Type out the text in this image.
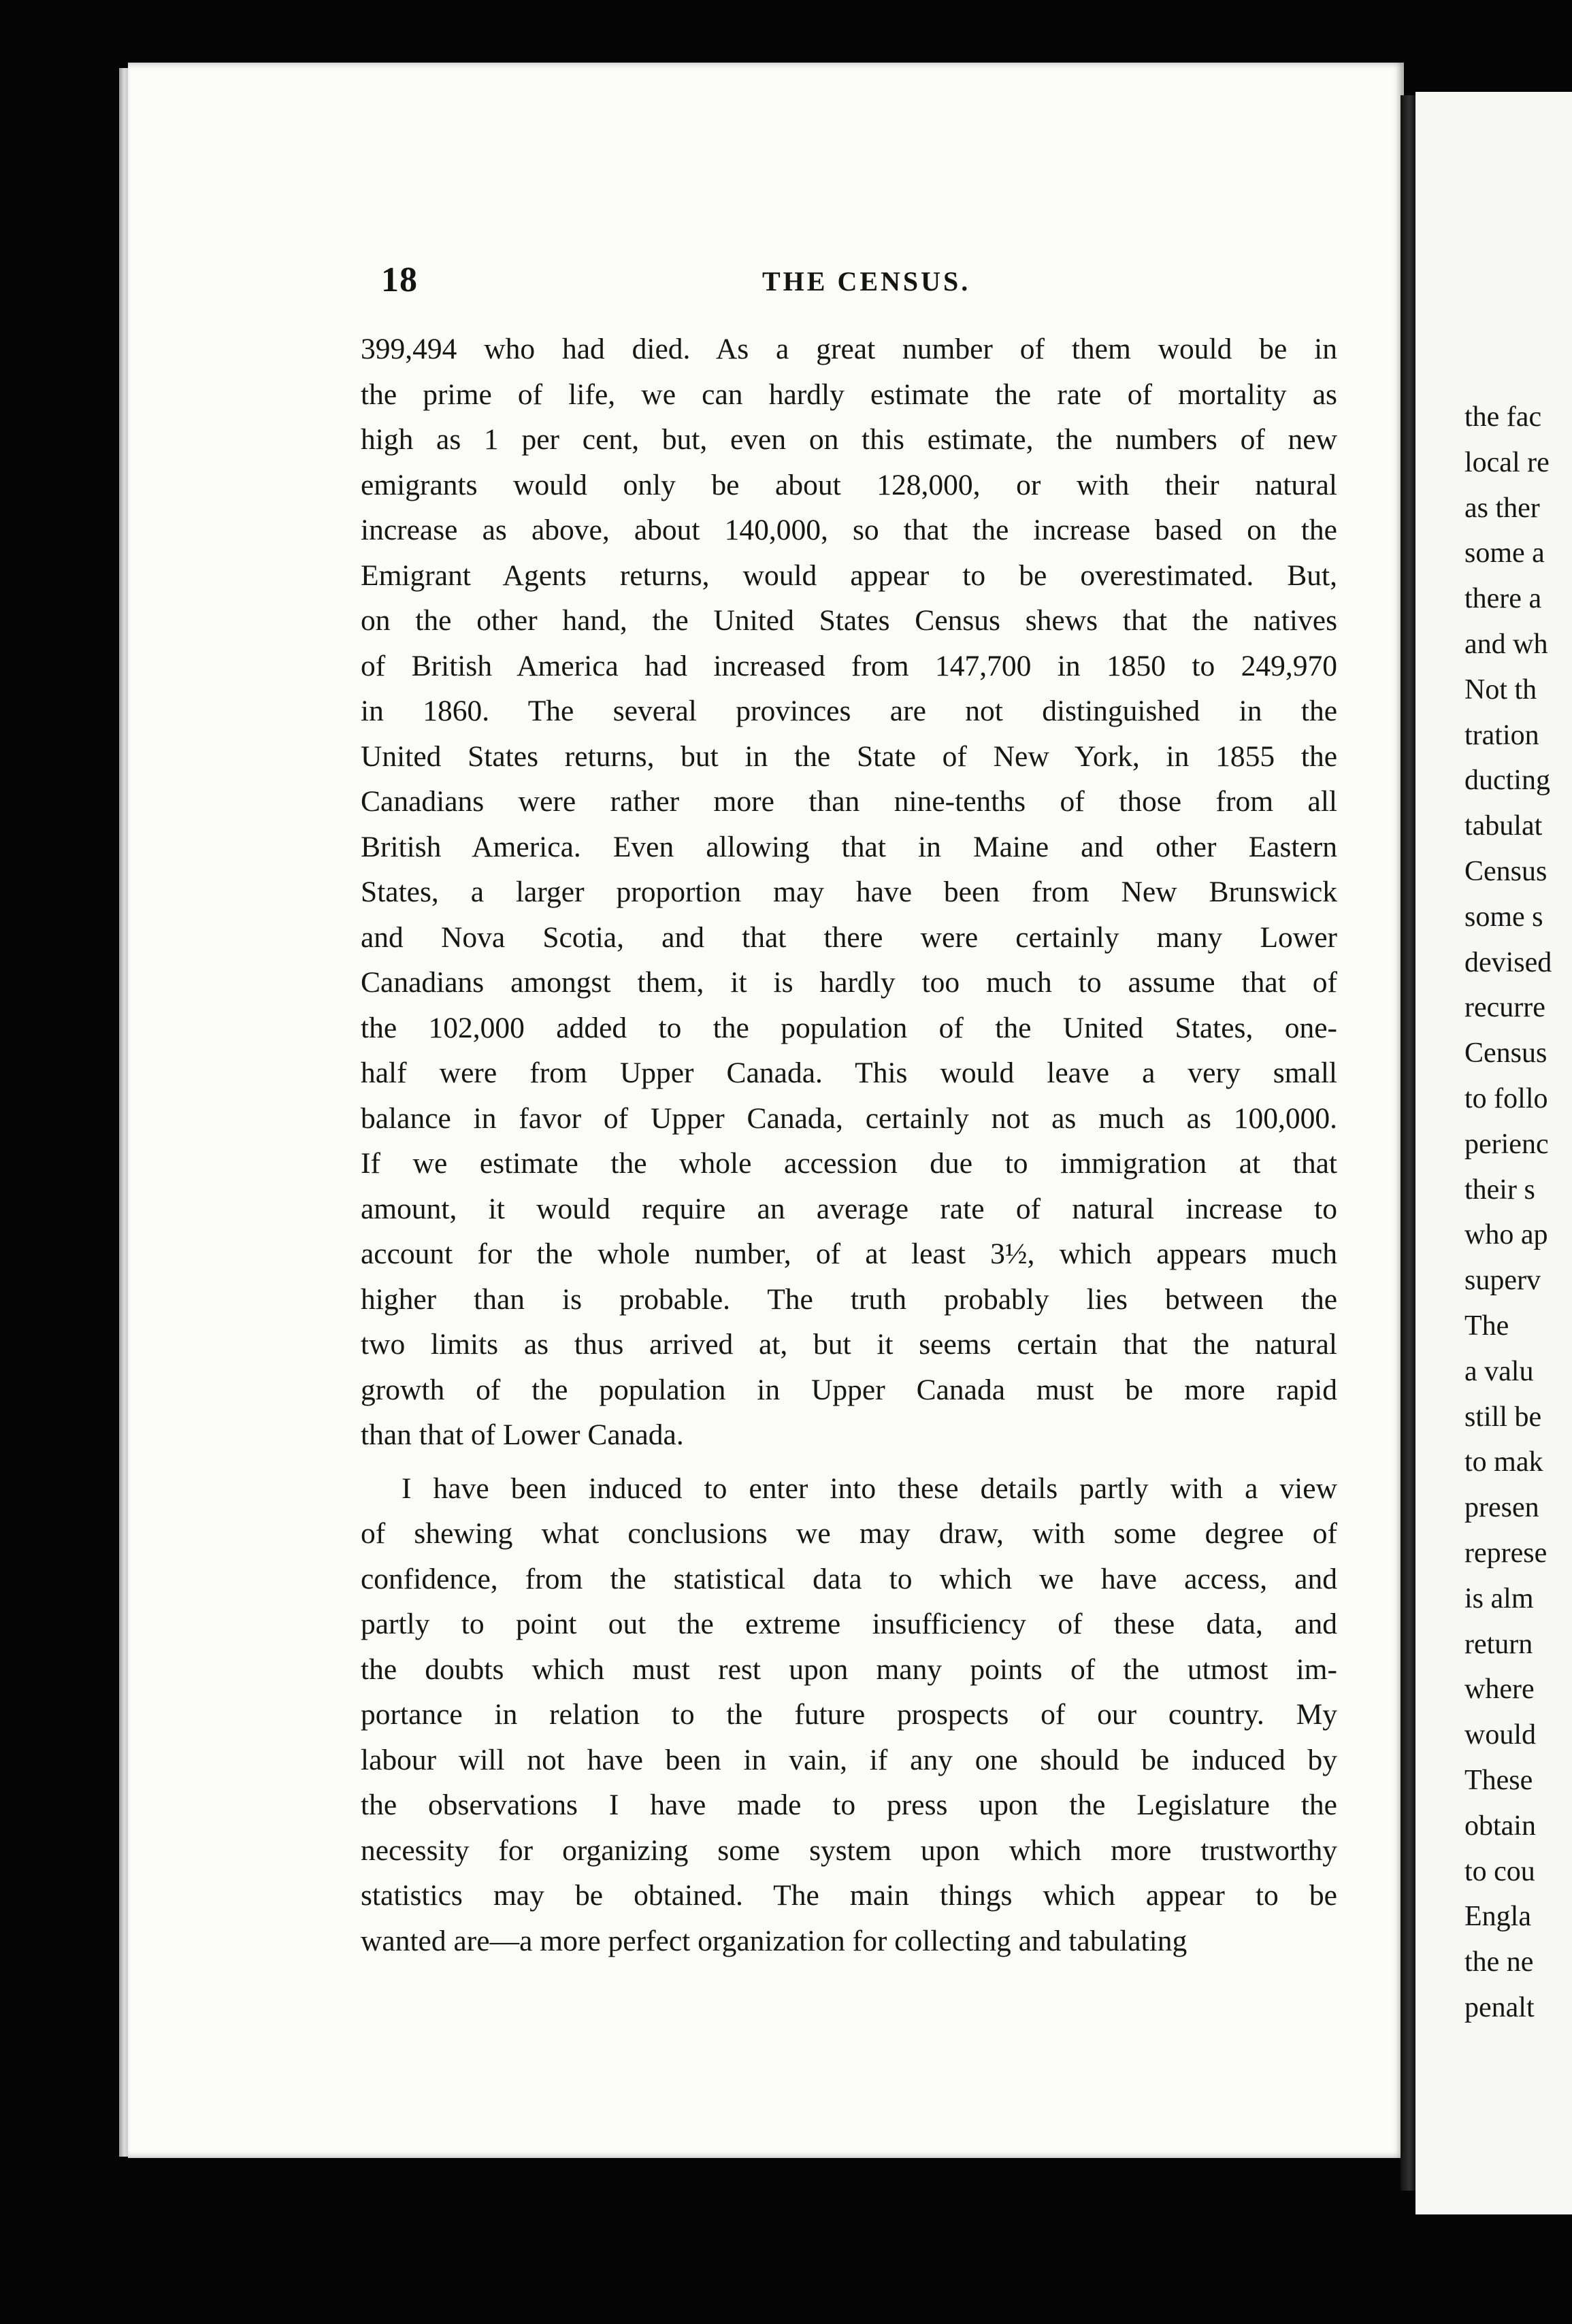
18	THE CENSUS.
399,494 who had died. As a great number of them would be in
the prime of life, we can hardly estimate the rate of mortality as
high as 1 per cent, but, even on this estimate, the numbers of new
emigrants would only be about 128,000, or with their natural
increase as above, about 140,000, so that the increase based on the
Emigrant Agents returns, would appear to be overestimated. But,
on the other hand, the United States Census shews that the natives
of British America had increased from 147,700 in 1850 to 249,970
in 1860. The several provinces are not distinguished in the
United States returns, but in the State of New York, in 1855 the
Canadians were rather more than nine-tenths of those from all
British America. Even allowing that in Maine and other Eastern
States, a larger proportion may have been from New Brunswick
and Nova Scotia, and that there were certainly many Lower
Canadians amongst them, it is hardly too much to assume that of
the 102,000 added to the population of the United States, one-
half were from Upper Canada. This would leave a very small
balance in favor of Upper Canada, certainly not as much as 100,000.
If we estimate the whole accession due to immigration at that
amount, it would require an average rate of natural increase to
account for the whole number, of at least 3½, which appears much
higher than is probable. The truth probably lies between the
two limits as thus arrived at, but it seems certain that the natural
growth of the population in Upper Canada must be more rapid
than that of Lower Canada.
I have been induced to enter into these details partly with a view
of shewing what conclusions we may draw, with some degree of
confidence, from the statistical data to which we have access, and
partly to point out the extreme insufficiency of these data, and
the doubts which must rest upon many points of the utmost im-
portance in relation to the future prospects of our country. My
labour will not have been in vain, if any one should be induced by
the observations I have made to press upon the Legislature the
necessity for organizing some system upon which more trustworthy
statistics may be obtained. The main things which appear to be
wanted are—a more perfect organization for collecting and tabulating
the fac
local re
as ther
some a
there a
and wh
Not th
tration
ducting
tabulat
Census
some s
devised
recurre
Census
to follo
perienc
their s
who ap
superv
The
a valu
still be
to mak
presen
represe
is alm
return
where
would
These
obtain
to cou
Engla
the ne
penalt
